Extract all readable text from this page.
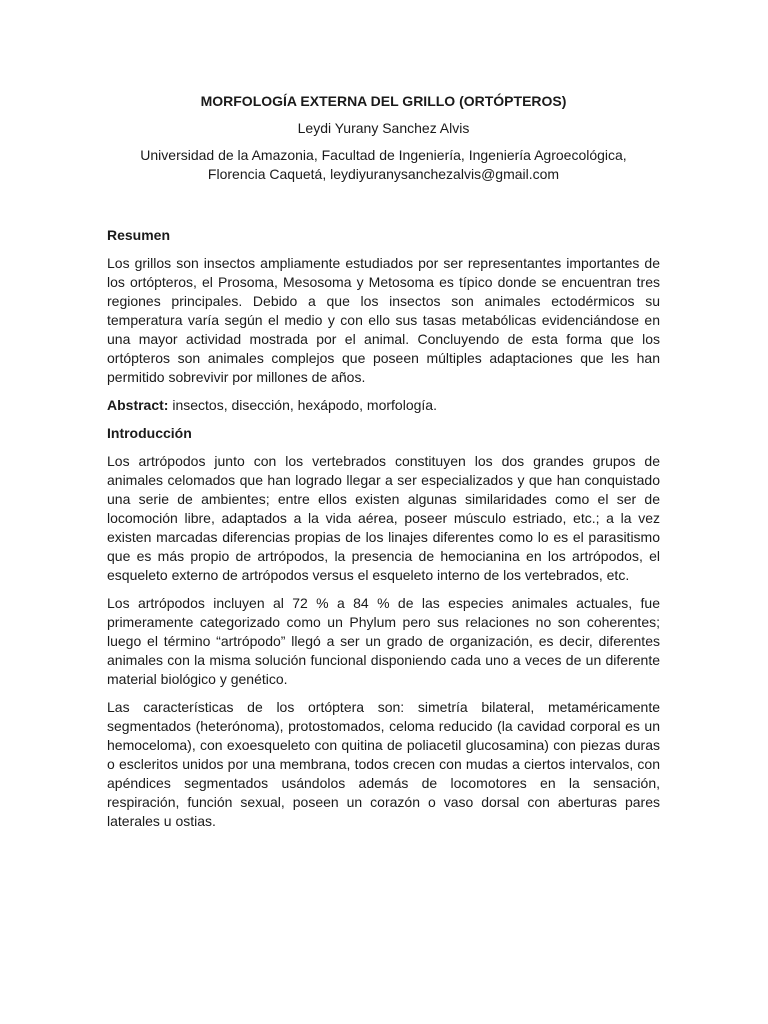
MORFOLOGÍA EXTERNA DEL GRILLO (ORTÓPTEROS)
Leydi Yurany Sanchez Alvis
Universidad de la Amazonia, Facultad de Ingeniería, Ingeniería Agroecológica,
Florencia Caquetá, leydiyuranysanchezalvis@gmail.com
Resumen

Los grillos son insectos ampliamente estudiados por ser representantes importantes de los ortópteros, el Prosoma, Mesosoma y Metosoma es típico donde se encuentran tres regiones principales. Debido a que los insectos son animales ectodérmicos su temperatura varía según el medio y con ello sus tasas metabólicas evidenciándose en una mayor actividad mostrada por el animal. Concluyendo de esta forma que los ortópteros son animales complejos que poseen múltiples adaptaciones que les han permitido sobrevivir por millones de años.

Abstract: insectos, disección, hexápodo, morfología.

Introducción

Los artrópodos junto con los vertebrados constituyen los dos grandes grupos de animales celomados que han logrado llegar a ser especializados y que han conquistado una serie de ambientes; entre ellos existen algunas similaridades como el ser de locomoción libre, adaptados a la vida aérea, poseer músculo estriado, etc.; a la vez existen marcadas diferencias propias de los linajes diferentes como lo es el parasitismo que es más propio de artrópodos, la presencia de hemocianina en los artrópodos, el esqueleto externo de artrópodos versus el esqueleto interno de los vertebrados, etc.

Los artrópodos incluyen al 72 % a 84 % de las especies animales actuales, fue primeramente categorizado como un Phylum pero sus relaciones no son coherentes; luego el término “artrópodo” llegó a ser un grado de organización, es decir, diferentes animales con la misma solución funcional disponiendo cada uno a veces de un diferente material biológico y genético.

Las características de los ortóptera son: simetría bilateral, metaméricamente segmentados (heterónoma), protostomados, celoma reducido (la cavidad corporal es un hemoceloma), con exoesqueleto con quitina de poliacetil glucosamina) con piezas duras o escleritos unidos por una membrana, todos crecen con mudas a ciertos intervalos, con apéndices segmentados usándolos además de locomotores en la sensación, respiración, función sexual, poseen un corazón o vaso dorsal con aberturas pares laterales u ostias.
